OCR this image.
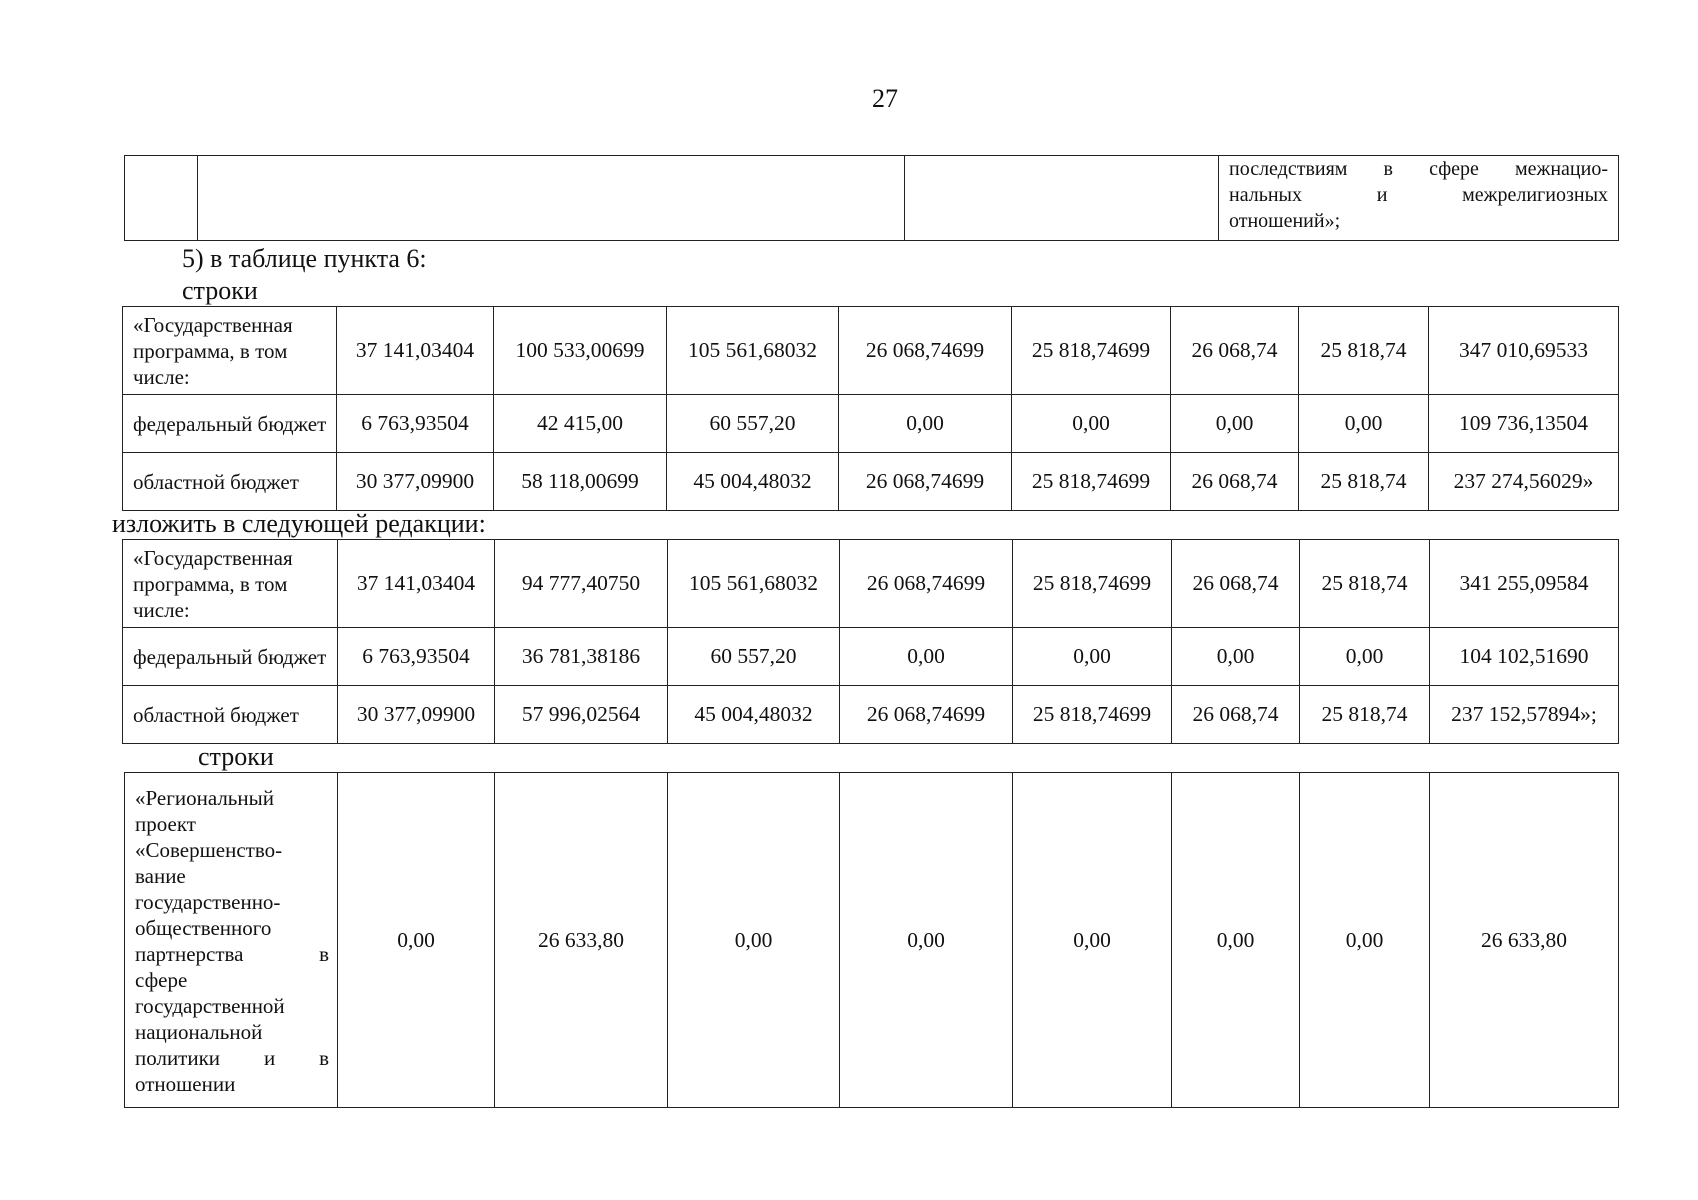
27

последствиям в сфере межнацио-
нальных	и	межрелигиозных
отношений»;
5) в таблице пункта 6:
строки
«Государственная программа, в том числе:	37 141,03404	100 533,00699	105 561,68032	26 068,74699	25 818,74699	26 068,74	25 818,74	347 010,69533
федеральный бюджет	6 763,93504	42 415,00	60 557,20	0,00	0,00	0,00	0,00	109 736,13504
областной бюджет	30 377,09900	58 118,00699	45 004,48032	26 068,74699	25 818,74699	26 068,74	25 818,74	237 274,56029»
изложить в следующей редакции:
«Государственная программа, в том числе:	37 141,03404	94 777,40750	105 561,68032	26 068,74699	25 818,74699	26 068,74	25 818,74	341 255,09584
федеральный бюджет	6 763,93504	36 781,38186	60 557,20	0,00	0,00	0,00	0,00	104 102,51690
областной бюджет	30 377,09900	57 996,02564	45 004,48032	26 068,74699	25 818,74699	26 068,74	25 818,74	237 152,57894»;
строки
«Региональный
проект
«Совершенство-
вание
государственно-
общественного
партнерства	в
сфере
государственной
национальной
политики и в
отношении
	0,00	26 633,80	0,00	0,00	0,00	0,00	0,00	26 633,80
